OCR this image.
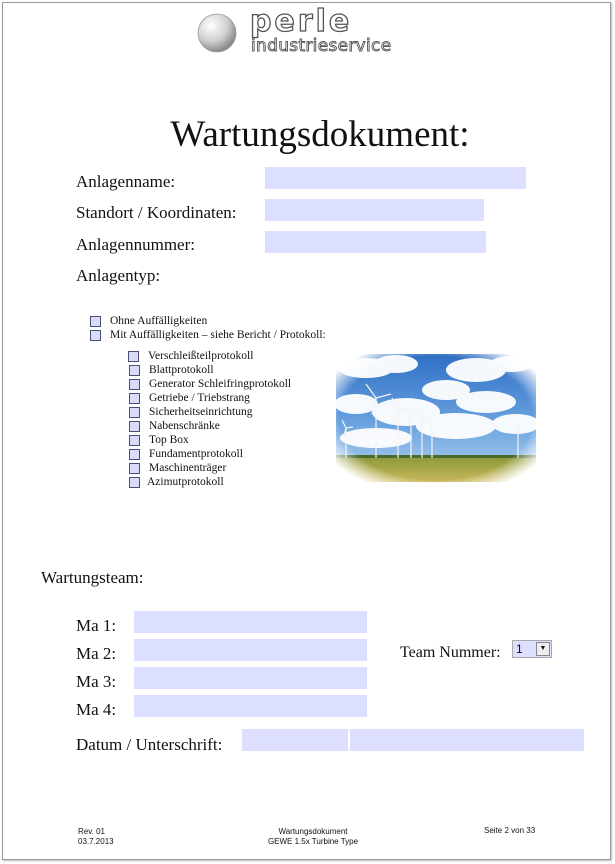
perle
industrieservice
Wartungsdokument:
Anlagenname:
Standort / Koordinaten:
Anlagennummer:
Anlagentyp:
Ohne Auffälligkeiten
Mit Auffälligkeiten – siehe Bericht / Protokoll:
Verschleißteilprotokoll
Blattprotokoll
Generator Schleifringprotokoll
Getriebe / Triebstrang
Sicherheitseinrichtung
Nabenschränke
Top Box
Fundamentprotokoll
Maschinenträger
Azimutprotokoll
Wartungsteam:
Ma 1:
Ma 2:
Ma 3:
Ma 4:
Team Nummer: 1	▼
Datum / Unterschrift:
Rev. 01
03.7.2013
Wartungsdokument
GEWE 1.5x Turbine Type
Seite 2 von 33
